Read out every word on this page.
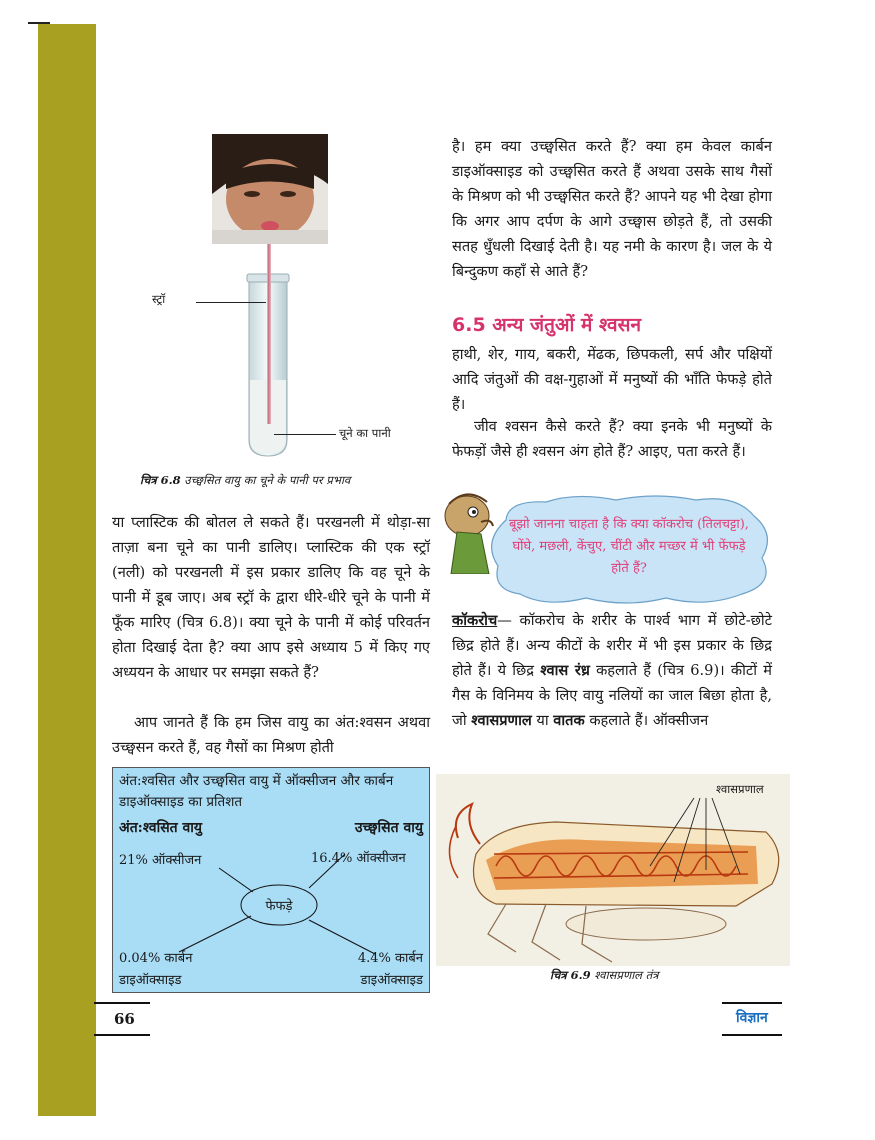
स्ट्रॉ
चूने का पानी
चित्र 6.8 उच्छ्वसित वायु का चूने के पानी पर प्रभाव
या प्लास्टिक की बोतल ले सकते हैं। परखनली में थोड़ा-सा ताज़ा बना चूने का पानी डालिए। प्लास्टिक की एक स्ट्रॉ (नली) को परखनली में इस प्रकार डालिए कि वह चूने के पानी में डूब जाए। अब स्ट्रॉ के द्वारा धीरे-धीरे चूने के पानी में फूँक मारिए (चित्र 6.8)। क्या चूने के पानी में कोई परिवर्तन होता दिखाई देता है? क्या आप इसे अध्याय 5 में किए गए अध्ययन के आधार पर समझा सकते हैं?
आप जानते हैं कि हम जिस वायु का अंत:श्वसन अथवा उच्छ्वसन करते हैं, वह गैसों का मिश्रण होती
अंत:श्वसित और उच्छ्वसित वायु में ऑक्सीजन और कार्बन डाइऑक्साइड का प्रतिशत
अंत:श्वसित वायु	उच्छ्वसित वायु
21% ऑक्सीजन	16.4% ऑक्सीजन
फेफड़े
0.04% कार्बन
डाइऑक्साइड
4.4% कार्बन
डाइऑक्साइड
है। हम क्या उच्छ्वसित करते हैं? क्या हम केवल कार्बन डाइऑक्साइड को उच्छ्वसित करते हैं अथवा उसके साथ गैसों के मिश्रण को भी उच्छ्वसित करते हैं? आपने यह भी देखा होगा कि अगर आप दर्पण के आगे उच्छ्वास छोड़ते हैं, तो उसकी सतह धुँधली दिखाई देती है। यह नमी के कारण है। जल के ये बिन्दुकण कहाँ से आते हैं?
6.5 अन्य जंतुओं में श्वसन
हाथी, शेर, गाय, बकरी, मेंढक, छिपकली, सर्प और पक्षियों आदि जंतुओं की वक्ष-गुहाओं में मनुष्यों की भाँति फेफड़े होते हैं।
जीव श्वसन कैसे करते हैं? क्या इनके भी मनुष्यों के फेफड़ों जैसे ही श्वसन अंग होते हैं? आइए, पता करते हैं।
बूझो जानना चाहता है कि क्या कॉकरोच (तिलचट्टा), घोंघे, मछली, केंचुए, चींटी और मच्छर में भी फेंफड़े होते हैं?
कॉकरोच— कॉकरोच के शरीर के पार्श्व भाग में छोटे-छोटे छिद्र होते हैं। अन्य कीटों के शरीर में भी इस प्रकार के छिद्र होते हैं। ये छिद्र श्वास रंध्र कहलाते हैं (चित्र 6.9)। कीटों में गैस के विनिमय के लिए वायु नलियों का जाल बिछा होता है, जो श्वासप्रणाल या वातक कहलाते हैं। ऑक्सीजन
श्वासप्रणाल
चित्र 6.9 श्वासप्रणाल तंत्र
66	विज्ञान
